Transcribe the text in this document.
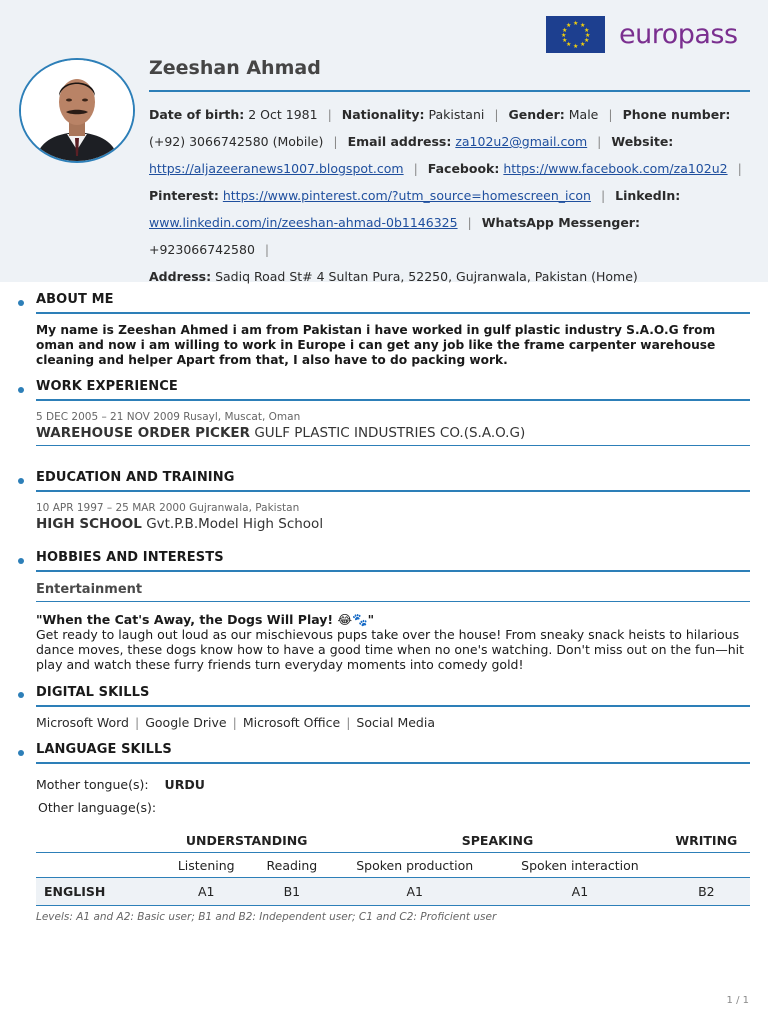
★ ★
★
★
★
★
★
★
★
★
★
★ europass
Zeeshan Ahmad
Date of birth: 2 Oct 1981 | Nationality: Pakistani | Gender: Male | Phone number:
(+92) 3066742580 (Mobile) | Email address: za102u2@gmail.com | Website:
https://aljazeeranews1007.blogspot.com | Facebook: https://www.facebook.com/za102u2 |
Pinterest: https://www.pinterest.com/?utm_source=homescreen_icon | LinkedIn:
www.linkedin.com/in/zeeshan-ahmad-0b1146325 | WhatsApp Messenger: +923066742580 |
Address: Sadiq Road St# 4 Sultan Pura, 52250, Gujranwala, Pakistan (Home)
ABOUT ME
My name is Zeeshan Ahmed i am from Pakistan i have worked in gulf plastic industry S.A.O.G from oman and now i am willing to work in Europe i can get any job like the frame carpenter warehouse cleaning and helper Apart from that, I also have to do packing work.
WORK EXPERIENCE
5 DEC 2005 – 21 NOV 2009 Rusayl, Muscat, Oman
WAREHOUSE ORDER PICKER GULF PLASTIC INDUSTRIES CO.(S.A.O.G)
EDUCATION AND TRAINING
10 APR 1997 – 25 MAR 2000 Gujranwala, Pakistan
HIGH SCHOOL Gvt.P.B.Model High School
HOBBIES AND INTERESTS
Entertainment
"When the Cat's Away, the Dogs Will Play! 😂🐾"
Get ready to laugh out loud as our mischievous pups take over the house! From sneaky snack heists to hilarious dance moves, these dogs know how to have a good time when no one's watching. Don't miss out on the fun—hit play and watch these furry friends turn everyday moments into comedy gold!
DIGITAL SKILLS
Microsoft Word | Google Drive | Microsoft Office | Social Media
LANGUAGE SKILLS
Mother tongue(s): URDU
Other language(s):
	UNDERSTANDING		SPEAKING		WRITING
	Listening	Reading	Spoken production	Spoken interaction	
ENGLISH	A1	B1	A1	A1	B2
Levels: A1 and A2: Basic user; B1 and B2: Independent user; C1 and C2: Proficient user
1 / 1
